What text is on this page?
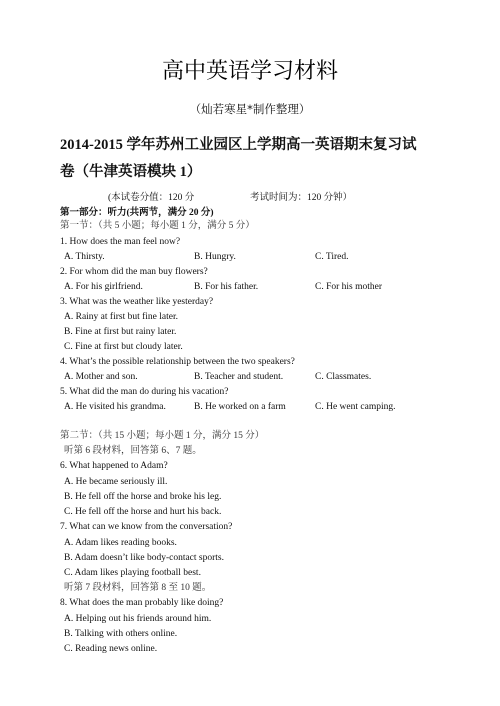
高中英语学习材料
（灿若寒星*制作整理）
2014-2015 学年苏州工业园区上学期高一英语期末复习试
卷（牛津英语模块 1）
(本试卷分值：120 分	考试时间为：120 分钟）
第一部分：听力(共两节，满分 20 分)
第一节：（共 5 小题；每小题 1 分，满分 5 分）
1. How does the man feel now?
A. Thirsty.	B. Hungry.	C. Tired.
2. For whom did the man buy flowers?
A. For his girlfriend.	B. For his father.	C. For his mother
3. What was the weather like yesterday?
A. Rainy at first but fine later.
B. Fine at first but rainy later.
C. Fine at first but cloudy later.
4. What’s the possible relationship between the two speakers?
A. Mother and son.	B. Teacher and student.	C. Classmates.
5. What did the man do during his vacation?
A. He visited his grandma.	B. He worked on a farm	C. He went camping.
第二节：（共 15 小题；每小题 1 分，满分 15 分）
听第 6 段材料，回答第 6、7 题。
6. What happened to Adam?
A. He became seriously ill.
B. He fell off the horse and broke his leg.
C. He fell off the horse and hurt his back.
7. What can we know from the conversation?
A. Adam likes reading books.
B. Adam doesn’t like body-contact sports.
C. Adam likes playing football best.
听第 7 段材料，回答第 8 至 10 题。
8. What does the man probably like doing?
A. Helping out his friends around him.
B. Talking with others online.
C. Reading news online.
